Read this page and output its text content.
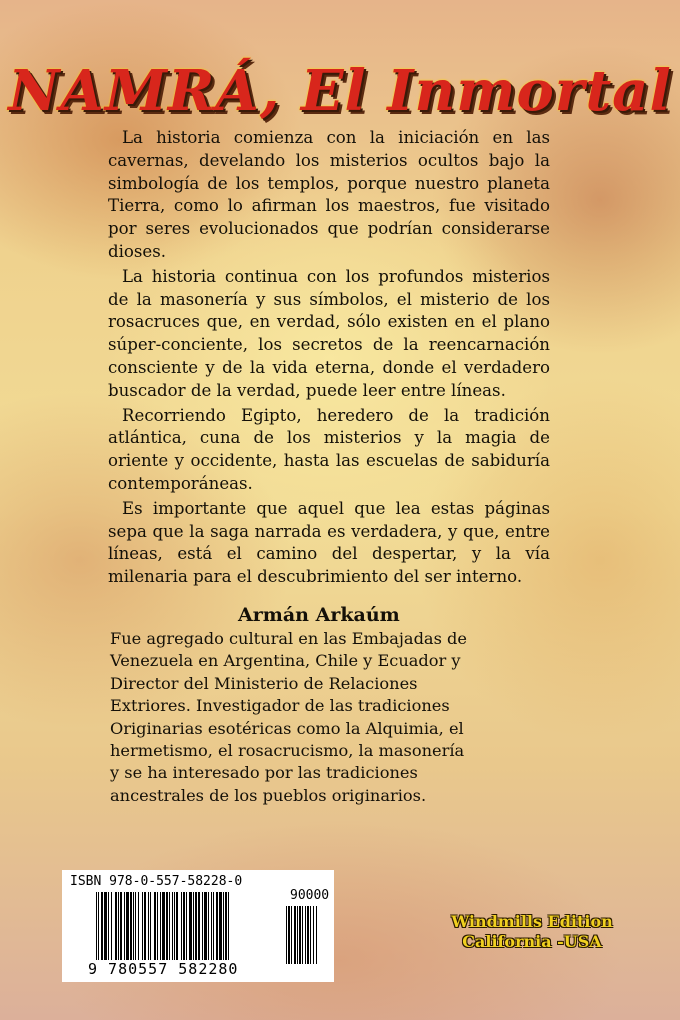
NAMRÁ, El Inmortal

La historia comienza con la iniciación en las cavernas, develando los misterios ocultos bajo la simbología de los templos, porque nuestro planeta Tierra, como lo afirman los maestros, fue visitado por seres evolucionados que podrían considerarse dioses.

La historia continua con los profundos misterios de la masonería y sus símbolos, el misterio de los rosacruces que, en verdad, sólo existen en el plano súper-conciente, los secretos de la reencarnación consciente y de la vida eterna, donde el verdadero buscador de la verdad, puede leer entre líneas.

Recorriendo Egipto, heredero de la tradición atlántica, cuna de los misterios y la magia de oriente y occidente, hasta las escuelas de sabiduría contemporáneas.

Es importante que aquel que lea estas páginas sepa que la saga narrada es verdadera, y que, entre líneas, está el camino del despertar, y la vía milenaria para el descubrimiento del ser interno.

Armán Arkaúm

Fue agregado cultural en las Embajadas de Venezuela en Argentina, Chile y Ecuador y Director del Ministerio de Relaciones Extriores. Investigador de las tradiciones Originarias esotéricas como la Alquimia, el hermetismo, el rosacrucismo, la masonería y se ha interesado por las tradiciones ancestrales de los pueblos originarios.

ISBN 978-0-557-58228-0
90000
9 780557 582280
Windmills Edition
California -USA
